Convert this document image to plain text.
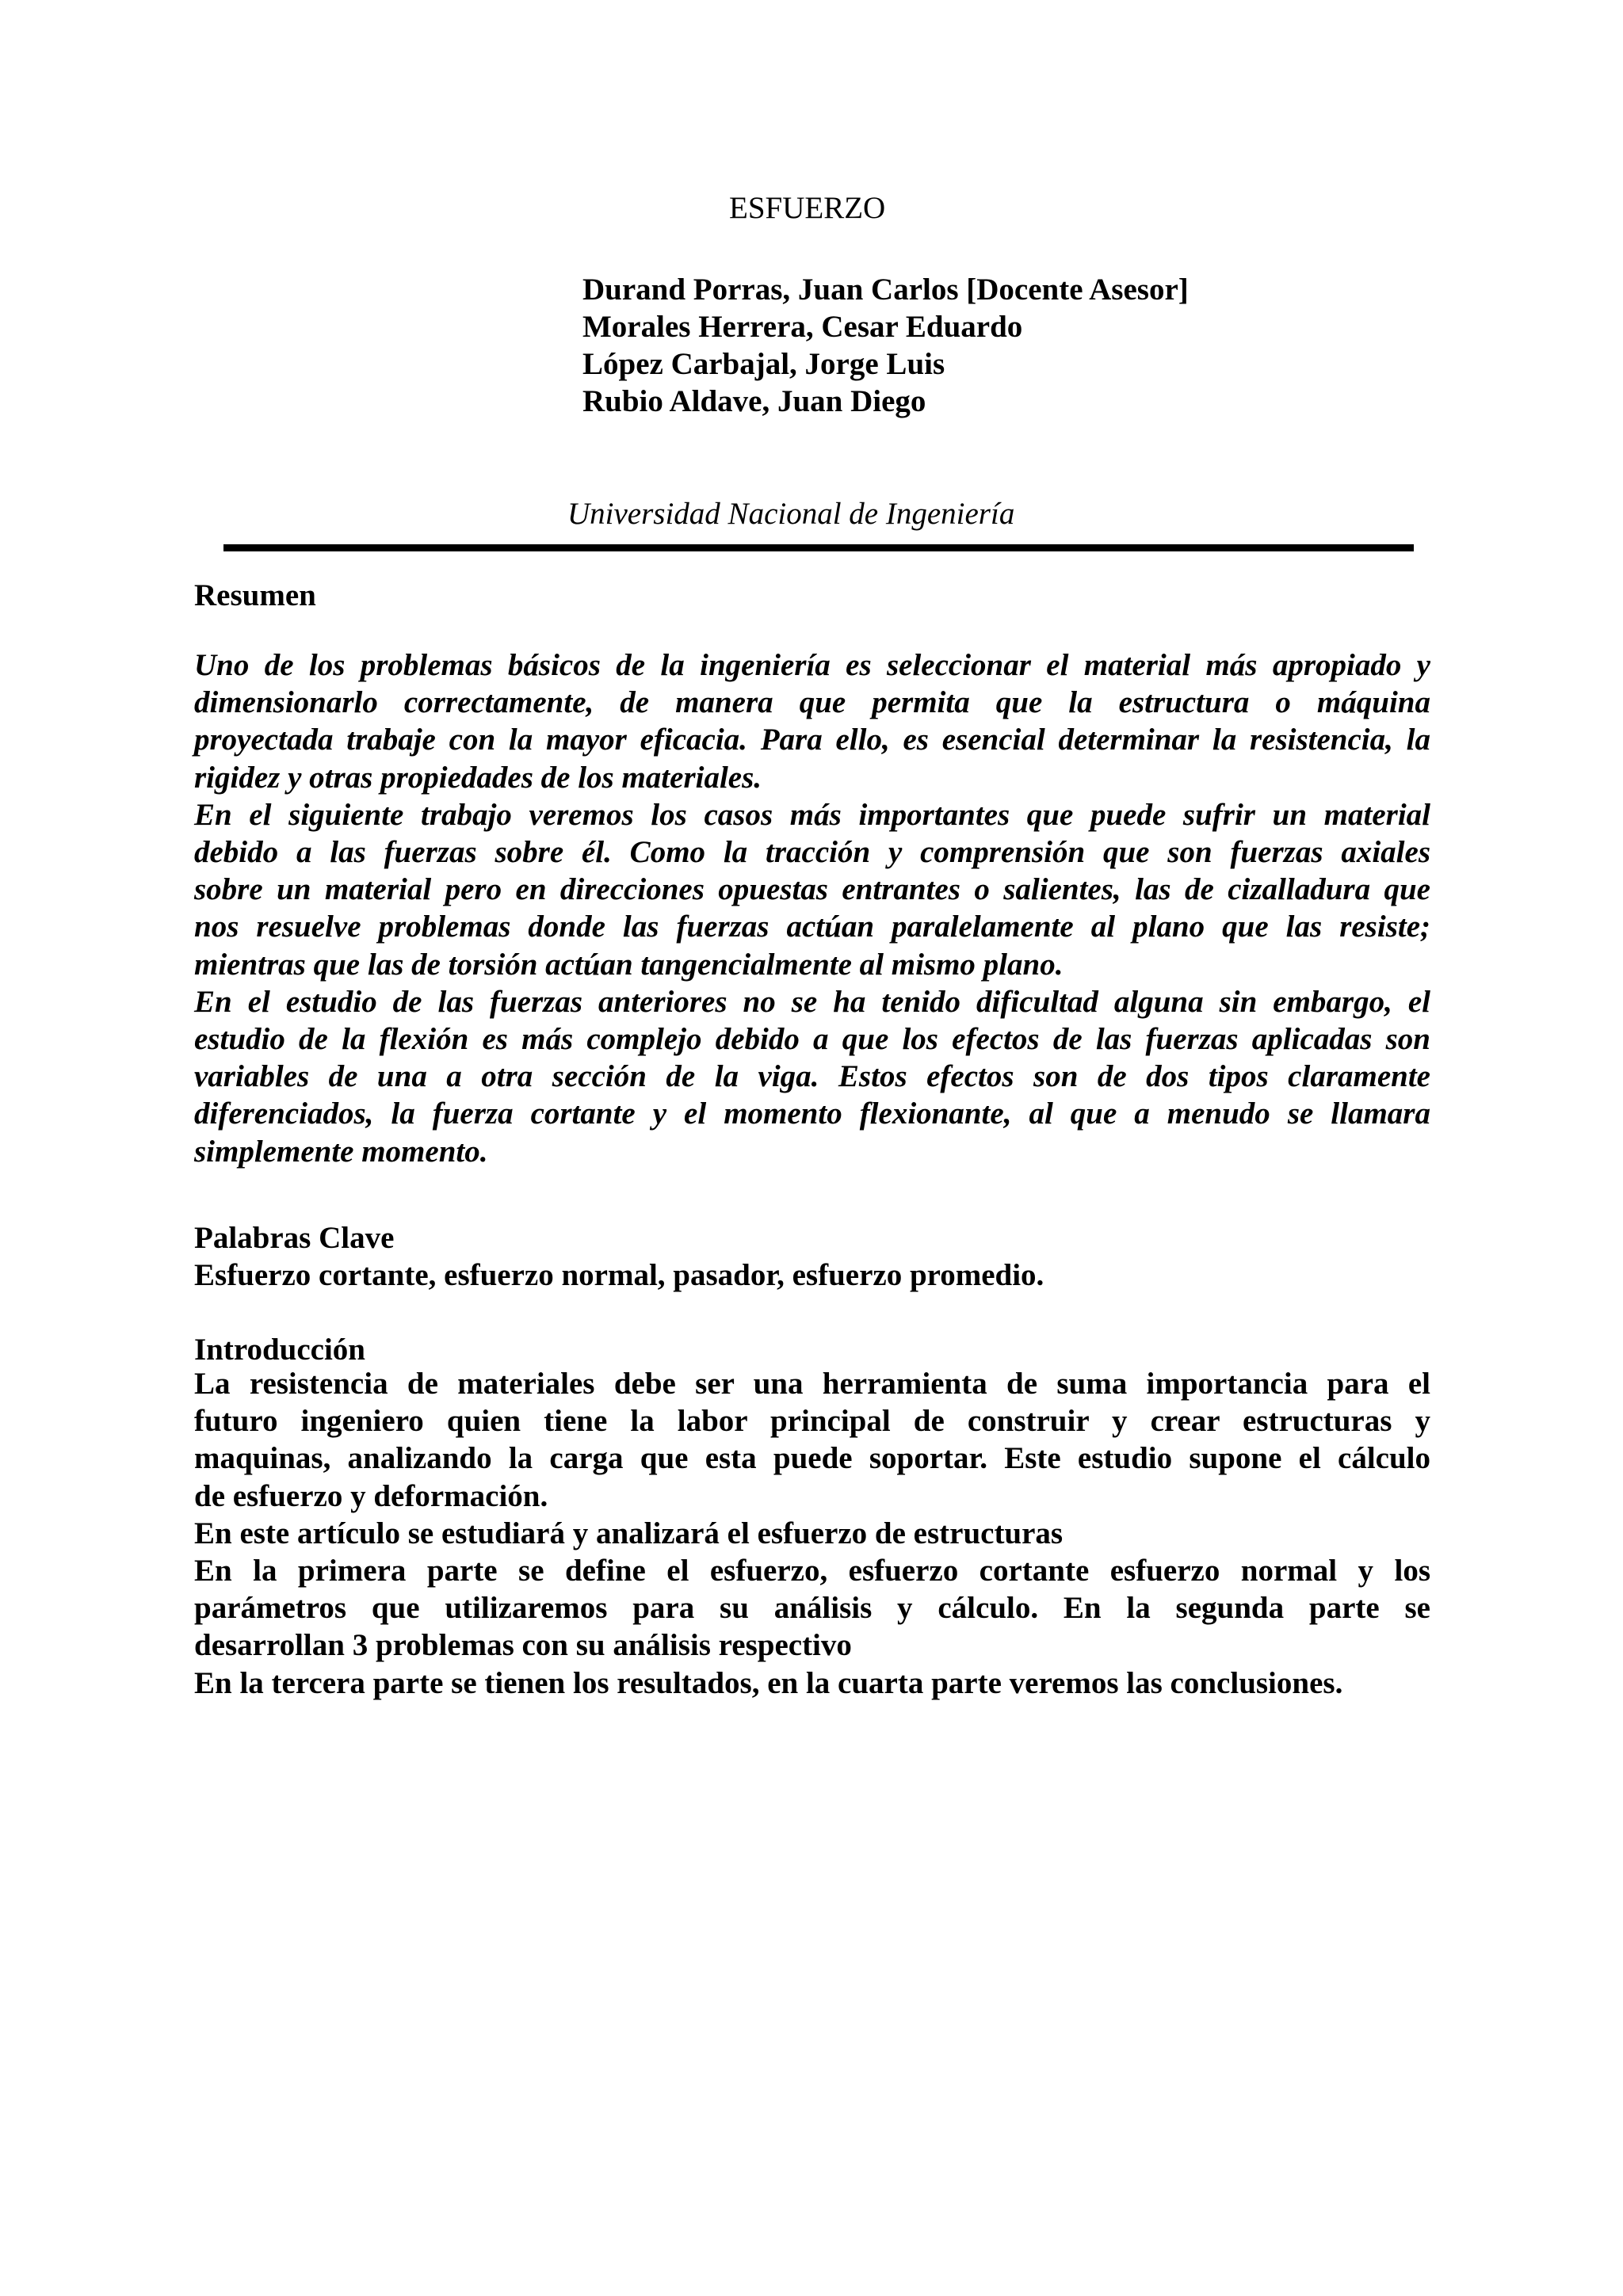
ESFUERZO
Durand Porras, Juan Carlos [Docente Asesor]
Morales Herrera, Cesar Eduardo
López Carbajal, Jorge Luis
Rubio Aldave, Juan Diego
Universidad Nacional de Ingeniería
Resumen
Uno de los problemas básicos de la ingeniería es seleccionar el material más apropiado y
dimensionarlo correctamente, de manera que permita que la estructura o máquina
proyectada trabaje con la mayor eficacia. Para ello, es esencial determinar la resistencia, la
rigidez y otras propiedades de los materiales.
En el siguiente trabajo veremos los casos más importantes que puede sufrir un material
debido a las fuerzas sobre él. Como la tracción y comprensión que son fuerzas axiales
sobre un material pero en direcciones opuestas entrantes o salientes, las de cizalladura que
nos resuelve problemas donde las fuerzas actúan paralelamente al plano que las resiste;
mientras que las de torsión actúan tangencialmente al mismo plano.
En el estudio de las fuerzas anteriores no se ha tenido dificultad alguna sin embargo, el
estudio de la flexión es más complejo debido a que los efectos de las fuerzas aplicadas son
variables de una a otra sección de la viga. Estos efectos son de dos tipos claramente
diferenciados, la fuerza cortante y el momento flexionante, al que a menudo se llamara
simplemente momento.
Palabras Clave
Esfuerzo cortante, esfuerzo normal, pasador, esfuerzo promedio.
Introducción
La resistencia de materiales debe ser una herramienta de suma importancia para el
futuro ingeniero quien tiene la labor principal de construir y crear estructuras y
maquinas, analizando la carga que esta puede soportar. Este estudio supone el cálculo
de esfuerzo y deformación.
En este artículo se estudiará y analizará el esfuerzo de estructuras
En la primera parte se define el esfuerzo, esfuerzo cortante esfuerzo normal y los
parámetros que utilizaremos para su análisis y cálculo. En la segunda parte se
desarrollan 3 problemas con su análisis respectivo
En la tercera parte se tienen los resultados, en la cuarta parte veremos las conclusiones.
